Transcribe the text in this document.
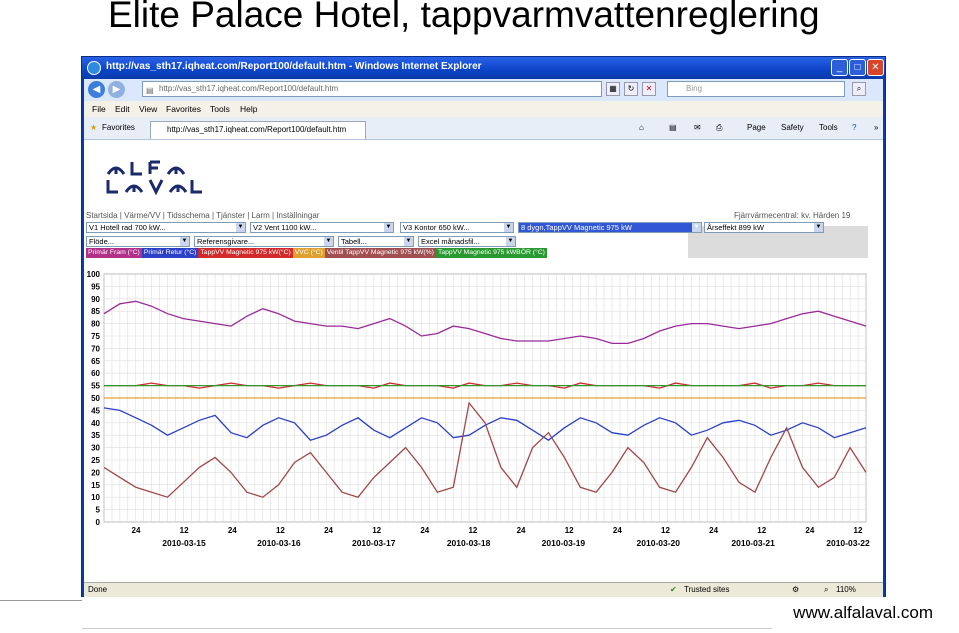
Elite Palace Hotel, tappvarmvattenreglering
http://vas_sth17.iqheat.com/Report100/default.htm - Windows Internet Explorer	_	□	✕
◀	▶	▤ http://vas_sth17.iqheat.com/Report100/default.htm	▦	↻	✕	Bing	⌕
File Edit View Favorites Tools Help
★ Favorites	http://vas_sth17.iqheat.com/Report100/default.htm	⌂	▤ ✉ ⎙	Page Safety Tools ? »
Startsida | Värme/VV | Tidsschema | Tjänster | Larm | Inställningar	Fjärrvärmecentral: kv. Härden 19
V1 Hotell rad 700 kW...	▼	V2 Vent 1100 kW...	▼	V3 Kontor 650 kW...	▼	8 dygn,TappVV Magnetic 975 kW	▼	Årseffekt 899 kW	▼
Flöde...	▼	Referensgivare...	▼	Tabell...	▼	Excel månadsfil...	▼
Primär Fram (°C) Primär Retur (°C) TappVV Magnetic 975 kW(°C) VVC (°C) Ventil TappVV Magnetic 975 kW(%) TappVV Magnetic 975 kWBÖR (°C)
100
95
90
85
80
75
70
65
60
55
50
45
40
35
30
25
20
15
10
5
0
24	12	24	12	24	12	24	12	24	12	24	12	24	12	24	12
2010-03-15	2010-03-16	2010-03-17	2010-03-18	2010-03-19	2010-03-20	2010-03-21	2010-03-22
Done	✔ Trusted sites	⚙	⌕ 110%
www.alfalaval.com
